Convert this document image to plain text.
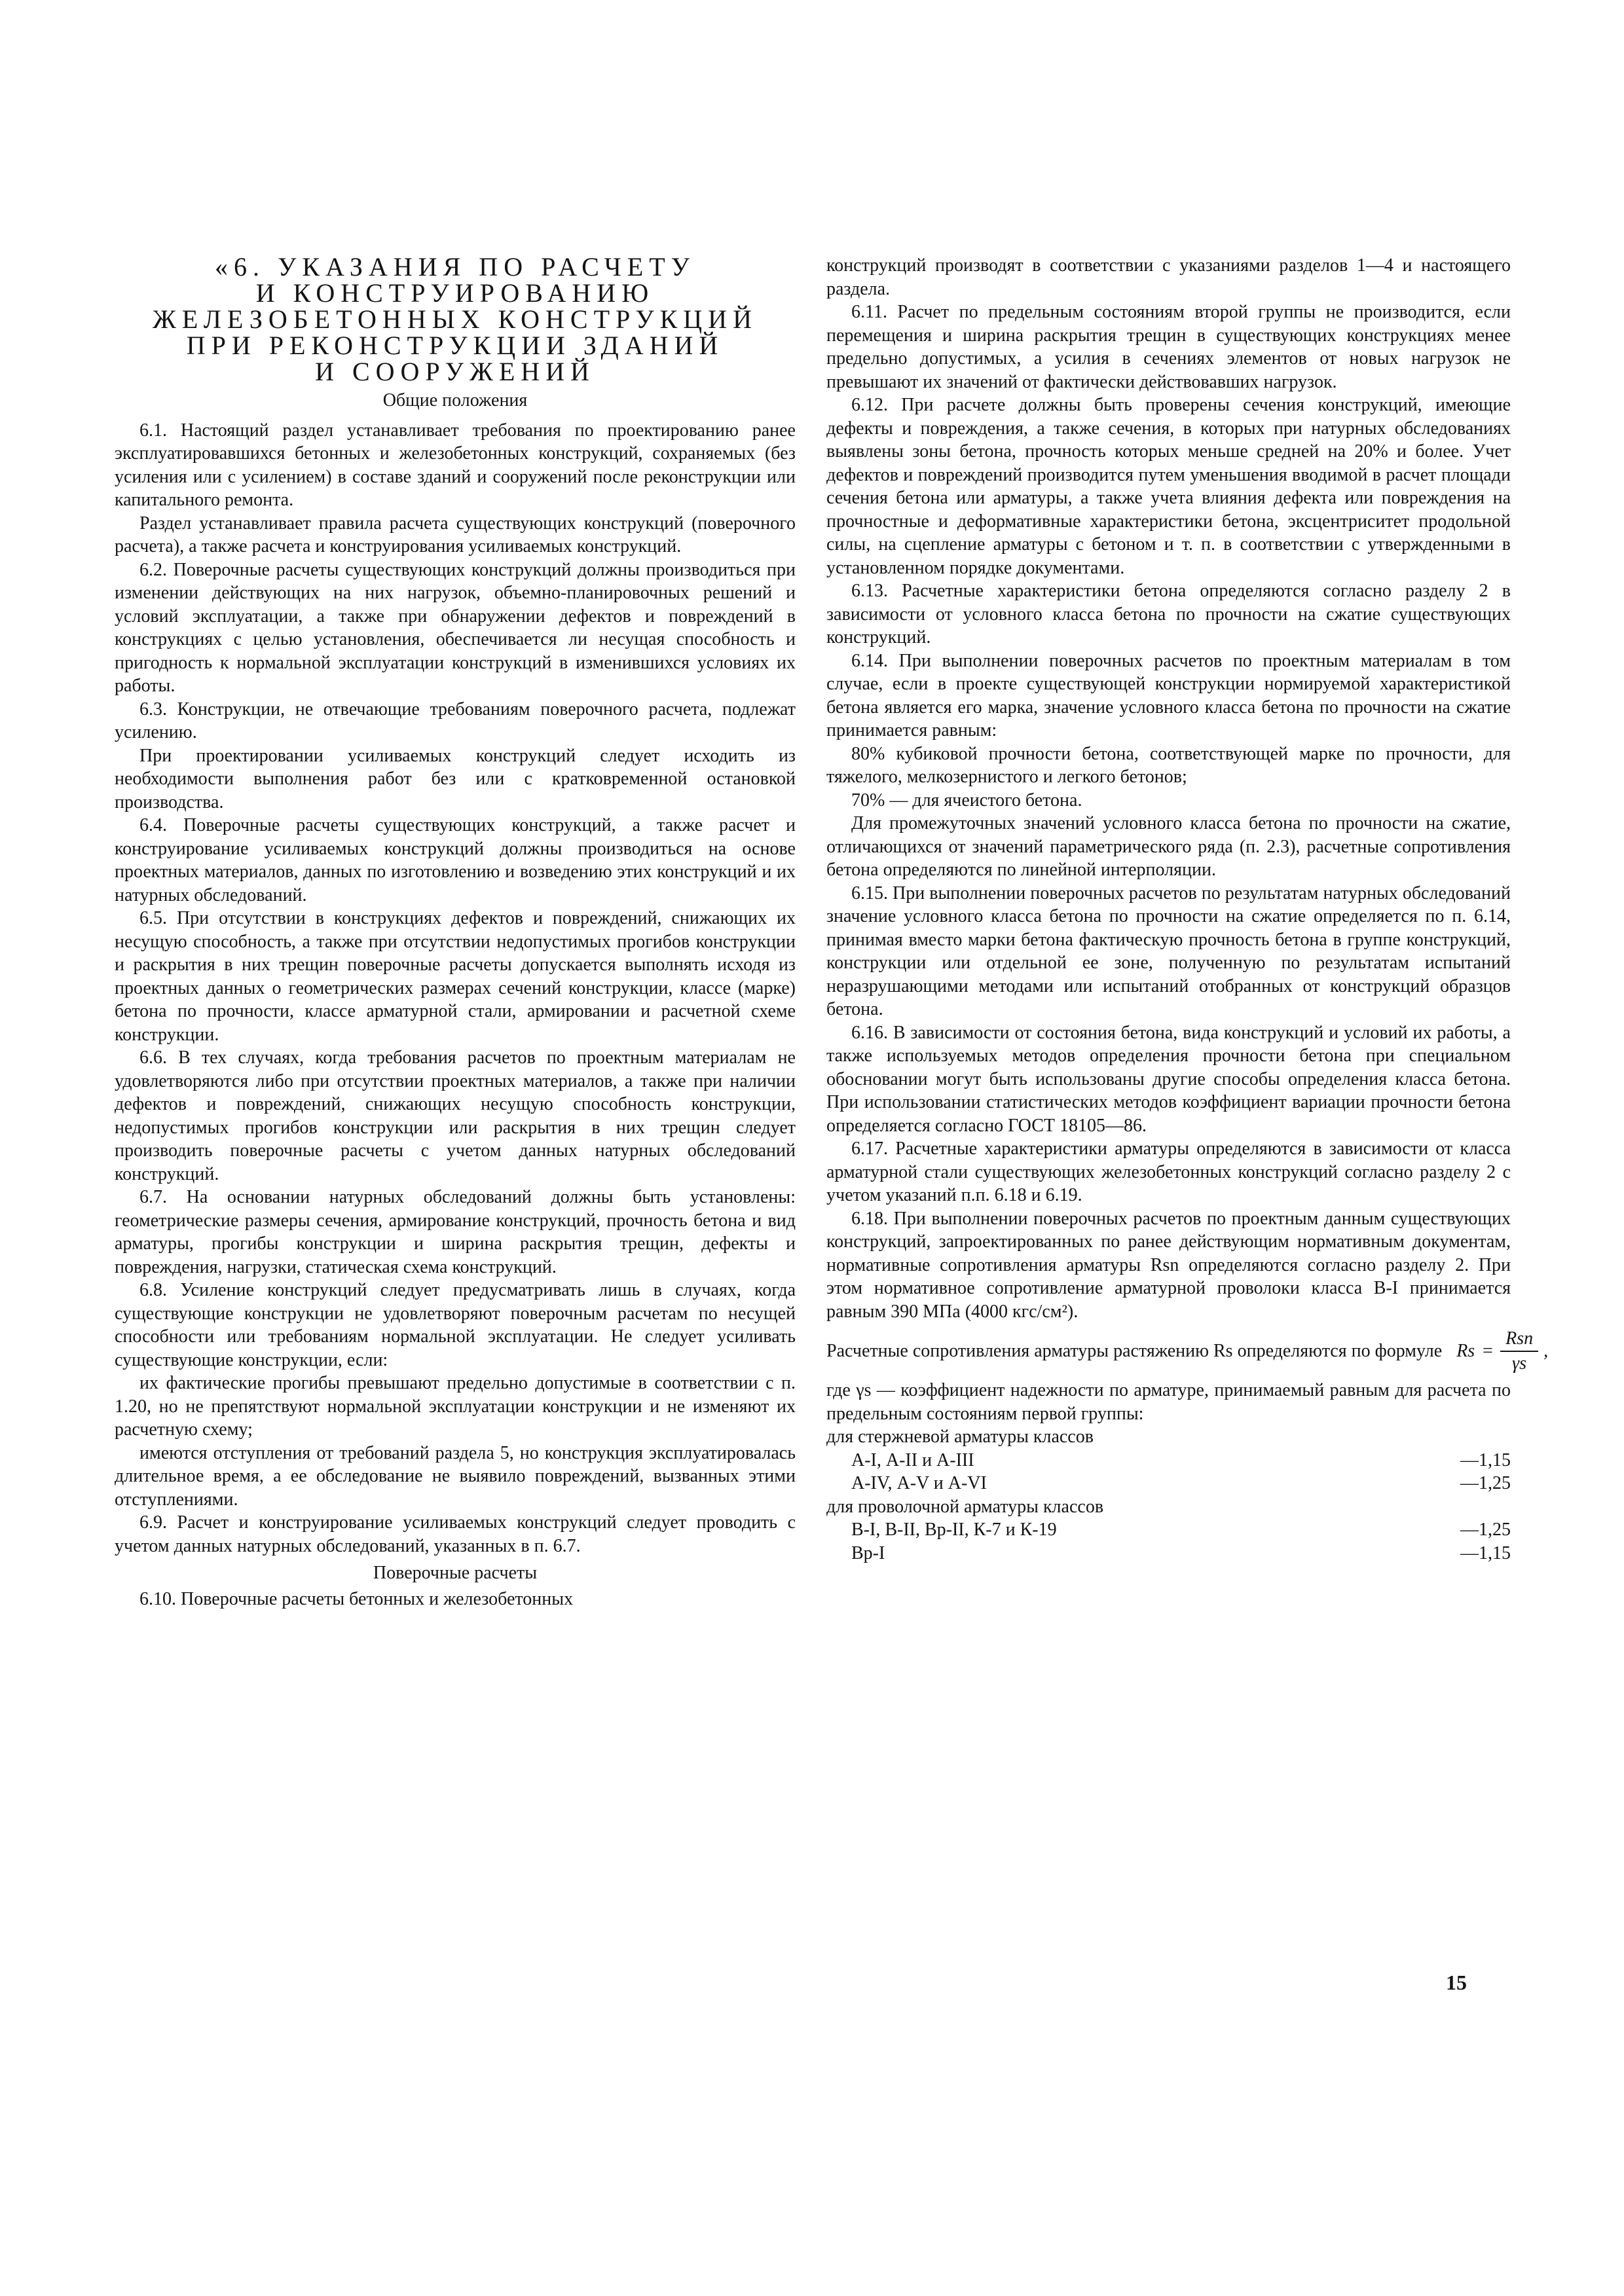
«6. УКАЗАНИЯ ПО РАСЧЕТУ
И КОНСТРУИРОВАНИЮ
ЖЕЛЕЗОБЕТОННЫХ КОНСТРУКЦИЙ
ПРИ РЕКОНСТРУКЦИИ ЗДАНИЙ
И СООРУЖЕНИЙ
Общие положения

6.1. Настоящий раздел устанавливает требования по проектированию ранее эксплуатировавшихся бетонных и железобетонных конструкций, сохраняемых (без усиления или с усилением) в составе зданий и сооружений после реконструкции или капитального ремонта.

Раздел устанавливает правила расчета существующих конструкций (поверочного расчета), а также расчета и конструирования усиливаемых конструкций.

6.2. Поверочные расчеты существующих конструкций должны производиться при изменении действующих на них нагрузок, объемно-планировочных решений и условий эксплуатации, а также при обнаружении дефектов и повреждений в конструкциях с целью установления, обеспечивается ли несущая способность и пригодность к нормальной эксплуатации конструкций в изменившихся условиях их работы.

6.3. Конструкции, не отвечающие требованиям поверочного расчета, подлежат усилению.

При проектировании усиливаемых конструкций следует исходить из необходимости выполнения работ без или с кратковременной остановкой производства.

6.4. Поверочные расчеты существующих конструкций, а также расчет и конструирование усиливаемых конструкций должны производиться на основе проектных материалов, данных по изготовлению и возведению этих конструкций и их натурных обследований.

6.5. При отсутствии в конструкциях дефектов и повреждений, снижающих их несущую способность, а также при отсутствии недопустимых прогибов конструкции и раскрытия в них трещин поверочные расчеты допускается выполнять исходя из проектных данных о геометрических размерах сечений конструкции, классе (марке) бетона по прочности, классе арматурной стали, армировании и расчетной схеме конструкции.

6.6. В тех случаях, когда требования расчетов по проектным материалам не удовлетворяются либо при отсутствии проектных материалов, а также при наличии дефектов и повреждений, снижающих несущую способность конструкции, недопустимых прогибов конструкции или раскрытия в них трещин следует производить поверочные расчеты с учетом данных натурных обследований конструкций.

6.7. На основании натурных обследований должны быть установлены: геометрические размеры сечения, армирование конструкций, прочность бетона и вид арматуры, прогибы конструкции и ширина раскрытия трещин, дефекты и повреждения, нагрузки, статическая схема конструкций.

6.8. Усиление конструкций следует предусматривать лишь в случаях, когда существующие конструкции не удовлетворяют поверочным расчетам по несущей способности или требованиям нормальной эксплуатации. Не следует усиливать существующие конструкции, если:

их фактические прогибы превышают предельно допустимые в соответствии с п. 1.20, но не препятствуют нормальной эксплуатации конструкции и не изменяют их расчетную схему;

имеются отступления от требований раздела 5, но конструкция эксплуатировалась длительное время, а ее обследование не выявило повреждений, вызванных этими отступлениями.

6.9. Расчет и конструирование усиливаемых конструкций следует проводить с учетом данных натурных обследований, указанных в п. 6.7.

Поверочные расчеты

6.10. Поверочные расчеты бетонных и железобетонных

конструкций производят в соответствии с указаниями разделов 1—4 и настоящего раздела.

6.11. Расчет по предельным состояниям второй группы не производится, если перемещения и ширина раскрытия трещин в существующих конструкциях менее предельно допустимых, а усилия в сечениях элементов от новых нагрузок не превышают их значений от фактически действовавших нагрузок.

6.12. При расчете должны быть проверены сечения конструкций, имеющие дефекты и повреждения, а также сечения, в которых при натурных обследованиях выявлены зоны бетона, прочность которых меньше средней на 20% и более. Учет дефектов и повреждений производится путем уменьшения вводимой в расчет площади сечения бетона или арматуры, а также учета влияния дефекта или повреждения на прочностные и деформативные характеристики бетона, эксцентриситет продольной силы, на сцепление арматуры с бетоном и т. п. в соответствии с утвержденными в установленном порядке документами.

6.13. Расчетные характеристики бетона определяются согласно разделу 2 в зависимости от условного класса бетона по прочности на сжатие существующих конструкций.

6.14. При выполнении поверочных расчетов по проектным материалам в том случае, если в проекте существующей конструкции нормируемой характеристикой бетона является его марка, значение условного класса бетона по прочности на сжатие принимается равным:

80% кубиковой прочности бетона, соответствующей марке по прочности, для тяжелого, мелкозернистого и легкого бетонов;

70% — для ячеистого бетона.

Для промежуточных значений условного класса бетона по прочности на сжатие, отличающихся от значений параметрического ряда (п. 2.3), расчетные сопротивления бетона определяются по линейной интерполяции.

6.15. При выполнении поверочных расчетов по результатам натурных обследований значение условного класса бетона по прочности на сжатие определяется по п. 6.14, принимая вместо марки бетона фактическую прочность бетона в группе конструкций, конструкции или отдельной ее зоне, полученную по результатам испытаний неразрушающими методами или испытаний отобранных от конструкций образцов бетона.

6.16. В зависимости от состояния бетона, вида конструкций и условий их работы, а также используемых методов определения прочности бетона при специальном обосновании могут быть использованы другие способы определения класса бетона. При использовании статистических методов коэффициент вариации прочности бетона определяется согласно ГОСТ 18105—86.

6.17. Расчетные характеристики арматуры определяются в зависимости от класса арматурной стали существующих железобетонных конструкций согласно разделу 2 с учетом указаний п.п. 6.18 и 6.19.

6.18. При выполнении поверочных расчетов по проектным данным существующих конструкций, запроектированных по ранее действующим нормативным документам, нормативные сопротивления арматуры Rsn определяются согласно разделу 2. При этом нормативное сопротивление арматурной проволоки класса В-I принимается равным 390 МПа (4000 кгс/см²).

Расчетные сопротивления арматуры растяжению Rs определяются по формуле $Rs = \frac{\text{Rsn}}{\gamma s}$ ,

где γs — коэффициент надежности по арматуре, принимаемый равным для расчета по предельным состояниям первой группы:

для стержневой арматуры классов

А-I, А-II и А-III	—1,15
А-IV, А-V и А-VI	—1,25

для проволочной арматуры классов

В-I, В-II, Вр-II, К-7 и К-19	—1,25
Вр-I	—1,15
15
